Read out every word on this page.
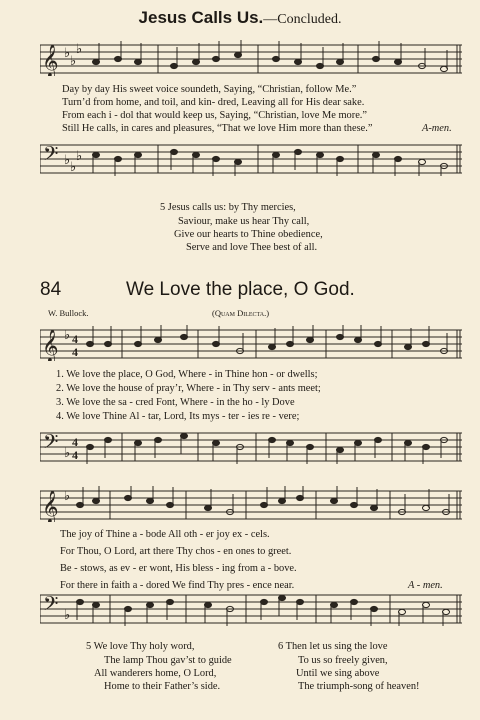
Jesus Calls Us.—Concluded.
𝄞 ♭
♭
♭
Day by day His sweet voice soundeth, Saying, “Christian, follow Me.”
Turn’d from home, and toil, and kin- dred, Leaving all for His dear sake.
From each i - dol that would keep us, Saying, “Christian, love Me more.”
Still He calls, in cares and pleasures, “That we love Him more than these.”	A-men.
𝄢 ♭ ♭
♭
5 Jesus calls us: by Thy mercies,
Saviour, make us hear Thy call,
Give our hearts to Thine obedience,
Serve and love Thee best of all.
84	We Love the place, O God.
W. Bullock.	(Quam Dilecta.)
𝄞 ♭ 4
4
1. We love the place, O God, Where - in Thine hon - or dwells;
2. We love the house of pray’r, Where - in Thy serv - ants meet;
3. We love the sa - cred Font, Where - in the ho - ly Dove
4. We love Thine Al - tar, Lord, Its mys - ter - ies re - vere;
𝄢 ♭
4
4
𝄞 ♭
The joy of Thine a - bode All oth - er joy ex - cels.
For Thou, O Lord, art there Thy chos - en ones to greet.
Be - stows, as ev - er wont, His bless - ing from a - bove.
For there in faith a - dored We find Thy pres - ence near.	A - men.
𝄢 ♭
5 We love Thy holy word,
The lamp Thou gav’st to guide
All wanderers home, O Lord,
Home to their Father’s side.
6 Then let us sing the love
To us so freely given,
Until we sing above
The triumph-song of heaven!
